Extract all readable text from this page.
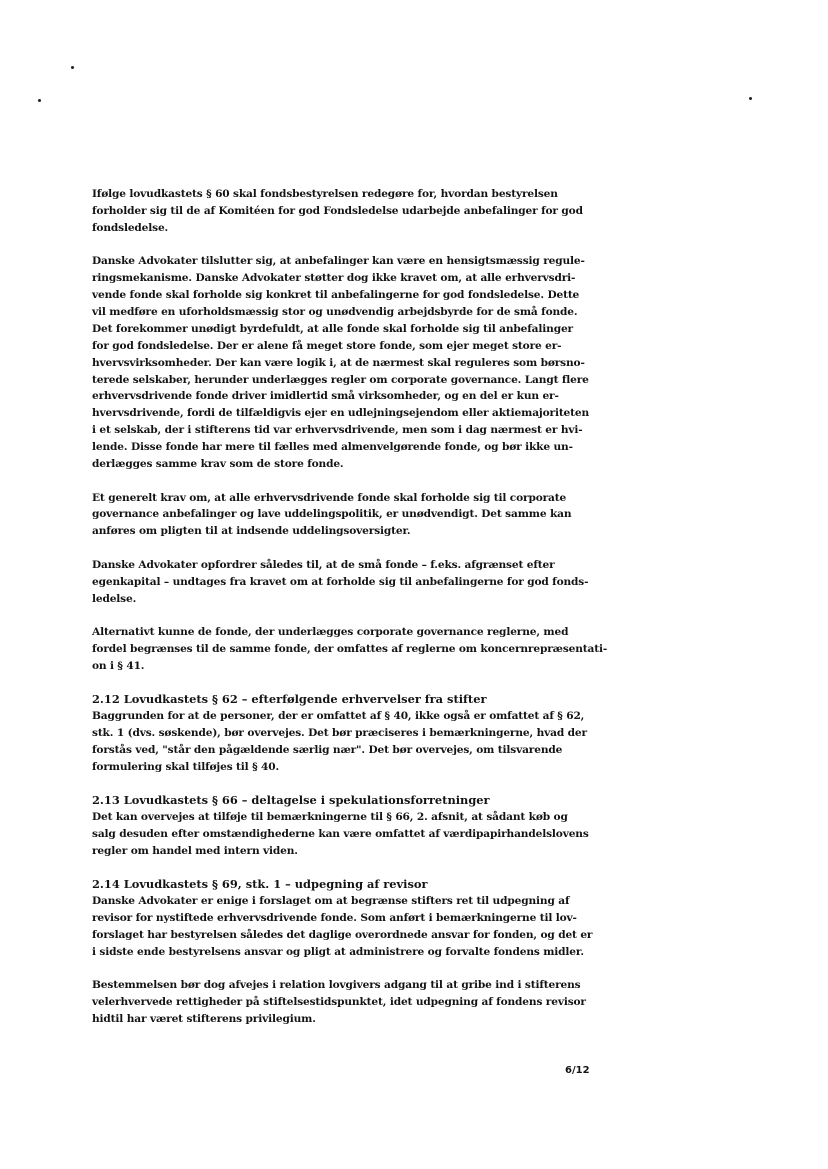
Ifølge lovudkastets § 60 skal fondsbestyrelsen redegøre for, hvordan bestyrelsen
forholder sig til de af Komitéen for god Fondsledelse udarbejde anbefalinger for god
fondsledelse.
Danske Advokater tilslutter sig, at anbefalinger kan være en hensigtsmæssig regule-
ringsmekanisme. Danske Advokater støtter dog ikke kravet om, at alle erhvervsdri-
vende fonde skal forholde sig konkret til anbefalingerne for god fondsledelse. Dette
vil medføre en uforholdsmæssig stor og unødvendig arbejdsbyrde for de små fonde.
Det forekommer unødigt byrdefuldt, at alle fonde skal forholde sig til anbefalinger
for god fondsledelse. Der er alene få meget store fonde, som ejer meget store er-
hvervsvirksomheder. Der kan være logik i, at de nærmest skal reguleres som børsno-
terede selskaber, herunder underlægges regler om corporate governance. Langt flere
erhvervsdrivende fonde driver imidlertid små virksomheder, og en del er kun er-
hvervsdrivende, fordi de tilfældigvis ejer en udlejningsejendom eller aktiemajoriteten
i et selskab, der i stifterens tid var erhvervsdrivende, men som i dag nærmest er hvi-
lende. Disse fonde har mere til fælles med almenvelgørende fonde, og bør ikke un-
derlægges samme krav som de store fonde.
Et generelt krav om, at alle erhvervsdrivende fonde skal forholde sig til corporate
governance anbefalinger og lave uddelingspolitik, er unødvendigt. Det samme kan
anføres om pligten til at indsende uddelingsoversigter.
Danske Advokater opfordrer således til, at de små fonde – f.eks. afgrænset efter
egenkapital – undtages fra kravet om at forholde sig til anbefalingerne for god fonds-
ledelse.
Alternativt kunne de fonde, der underlægges corporate governance reglerne, med
fordel begrænses til de samme fonde, der omfattes af reglerne om koncernrepræsentati-
on i § 41.
2.12 Lovudkastets § 62 – efterfølgende erhvervelser fra stifter
Baggrunden for at de personer, der er omfattet af § 40, ikke også er omfattet af § 62,
stk. 1 (dvs. søskende), bør overvejes. Det bør præciseres i bemærkningerne, hvad der
forstås ved, "står den pågældende særlig nær". Det bør overvejes, om tilsvarende
formulering skal tilføjes til § 40.
2.13 Lovudkastets § 66 – deltagelse i spekulationsforretninger
Det kan overvejes at tilføje til bemærkningerne til § 66, 2. afsnit, at sådant køb og
salg desuden efter omstændighederne kan være omfattet af værdipapirhandelslovens
regler om handel med intern viden.
2.14 Lovudkastets § 69, stk. 1 – udpegning af revisor
Danske Advokater er enige i forslaget om at begrænse stifters ret til udpegning af
revisor for nystiftede erhvervsdrivende fonde. Som anført i bemærkningerne til lov-
forslaget har bestyrelsen således det daglige overordnede ansvar for fonden, og det er
i sidste ende bestyrelsens ansvar og pligt at administrere og forvalte fondens midler.
Bestemmelsen bør dog afvejes i relation lovgivers adgang til at gribe ind i stifterens
velerhvervede rettigheder på stiftelsestidspunktet, idet udpegning af fondens revisor
hidtil har været stifterens privilegium.
6/12
